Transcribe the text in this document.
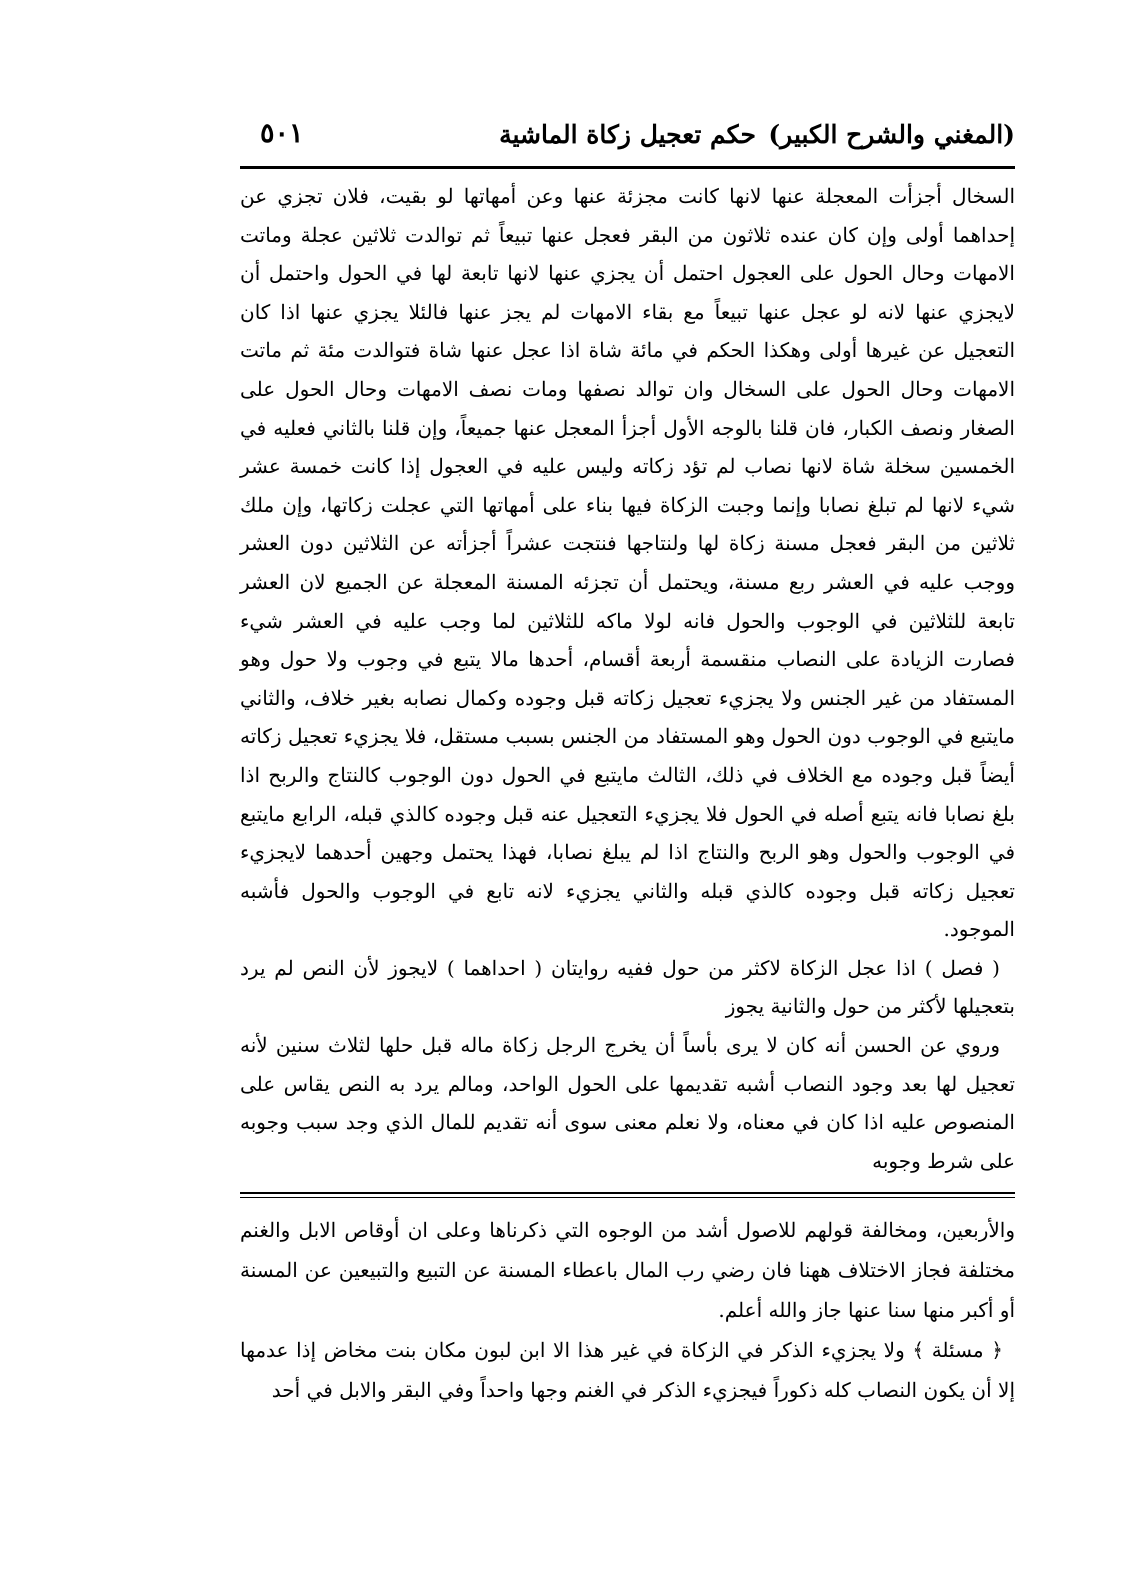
(المغني والشرح الكبير)
حكم تعجيل زكاة الماشية
٥٠١

السخال أجزأت المعجلة عنها لانها كانت مجزئة عنها وعن أمهاتها لو بقيت، فلان تجزي عن إحداهما أولى وإن كان عنده ثلاثون من البقر فعجل عنها تبيعاً ثم توالدت ثلاثين عجلة وماتت الامهات وحال الحول على العجول احتمل أن يجزي عنها لانها تابعة لها في الحول واحتمل أن لايجزي عنها لانه لو عجل عنها تبيعاً مع بقاء الامهات لم يجز عنها فالئلا يجزي عنها اذا كان التعجيل عن غيرها أولى وهكذا الحكم في مائة شاة اذا عجل عنها شاة فتوالدت مئة ثم ماتت الامهات وحال الحول على السخال وان توالد نصفها ومات نصف الامهات وحال الحول على الصغار ونصف الكبار، فان قلنا بالوجه الأول أجزأ المعجل عنها جميعاً، وإن قلنا بالثاني فعليه في الخمسين سخلة شاة لانها نصاب لم تؤد زكاته وليس عليه في العجول إذا كانت خمسة عشر شيء لانها لم تبلغ نصابا وإنما وجبت الزكاة فيها بناء على أمهاتها التي عجلت زكاتها، وإن ملك ثلاثين من البقر فعجل مسنة زكاة لها ولنتاجها فنتجت عشراً أجزأته عن الثلاثين دون العشر ووجب عليه في العشر ربع مسنة، ويحتمل أن تجزئه المسنة المعجلة عن الجميع لان العشر تابعة للثلاثين في الوجوب والحول فانه لولا ماكه للثلاثين لما وجب عليه في العشر شيء فصارت الزيادة على النصاب منقسمة أربعة أقسام، أحدها مالا يتبع في وجوب ولا حول وهو المستفاد من غير الجنس ولا يجزيء تعجيل زكاته قبل وجوده وكمال نصابه بغير خلاف، والثاني مايتبع في الوجوب دون الحول وهو المستفاد من الجنس بسبب مستقل، فلا يجزيء تعجيل زكاته أيضاً قبل وجوده مع الخلاف في ذلك، الثالث مايتبع في الحول دون الوجوب كالنتاج والربح اذا بلغ نصابا فانه يتبع أصله في الحول فلا يجزيء التعجيل عنه قبل وجوده كالذي قبله، الرابع مايتبع في الوجوب والحول وهو الربح والنتاج اذا لم يبلغ نصابا، فهذا يحتمل وجهين أحدهما لايجزيء تعجيل زكاته قبل وجوده كالذي قبله والثاني يجزيء لانه تابع في الوجوب والحول فأشبه الموجود.

( فصل ) اذا عجل الزكاة لاكثر من حول ففيه روايتان ( احداهما ) لايجوز لأن النص لم يرد بتعجيلها لأكثر من حول والثانية يجوز

وروي عن الحسن أنه كان لا يرى بأساً أن يخرج الرجل زكاة ماله قبل حلها لثلاث سنين لأنه تعجيل لها بعد وجود النصاب أشبه تقديمها على الحول الواحد، ومالم يرد به النص يقاس على المنصوص عليه اذا كان في معناه، ولا نعلم معنى سوى أنه تقديم للمال الذي وجد سبب وجوبه على شرط وجوبه

والأربعين، ومخالفة قولهم للاصول أشد من الوجوه التي ذكرناها وعلى ان أوقاص الابل والغنم مختلفة فجاز الاختلاف ههنا فان رضي رب المال باعطاء المسنة عن التبيع والتبيعين عن المسنة أو أكبر منها سنا عنها جاز والله أعلم.

﴿ مسئلة ﴾ ولا يجزيء الذكر في الزكاة في غير هذا الا ابن لبون مكان بنت مخاض إذا عدمها إلا أن يكون النصاب كله ذكوراً فيجزيء الذكر في الغنم وجها واحداً وفي البقر والابل في أحد
